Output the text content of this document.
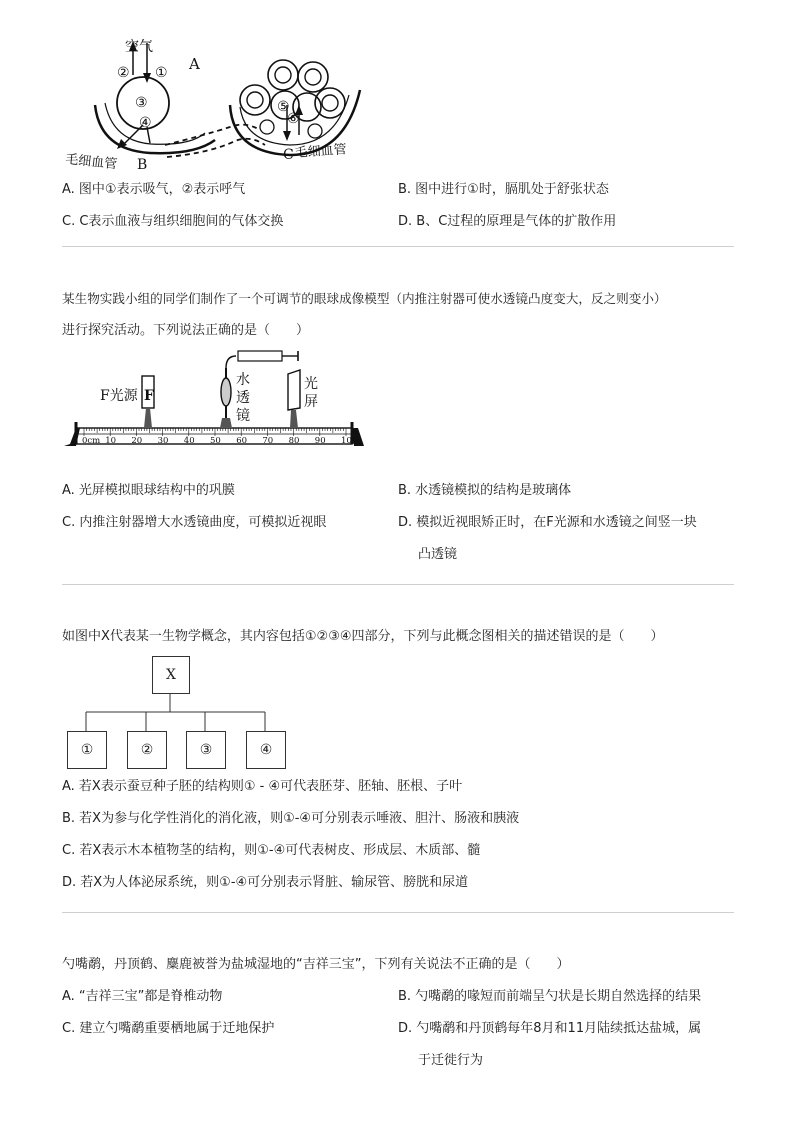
空气
② ① A
③
④
B
毛细血管
⑤
⑥
C 毛细血管
A. 图中①表示吸气，②表示呼气	B. 图中进行①时，膈肌处于舒张状态
C. C表示血液与组织细胞间的气体交换	D. B、C过程的原理是气体的扩散作用
某生物实践小组的同学们制作了一个可调节的眼球成像模型（内推注射器可使水透镜凸度变大，反之则变小）
进行探究活动。下列说法正确的是（　　）
F
F光源
水
透
镜
光
屏
0cm 10 20 30 40 50 60 70 80 90 100
A. 光屏模拟眼球结构中的巩膜	B. 水透镜模拟的结构是玻璃体
C. 内推注射器增大水透镜曲度，可模拟近视眼	D. 模拟近视眼矫正时，在F光源和水透镜之间竖一块
凸透镜
如图中X代表某一生物学概念，其内容包括①②③④四部分，下列与此概念图相关的描述错误的是（　　）
X
①	②	③	④
A. 若X表示蚕豆种子胚的结构则① - ④可代表胚芽、胚轴、胚根、子叶
B. 若X为参与化学性消化的消化液，则①-④可分别表示唾液、胆汁、肠液和胰液
C. 若X表示木本植物茎的结构，则①-④可代表树皮、形成层、木质部、髓
D. 若X为人体泌尿系统，则①-④可分别表示肾脏、输尿管、膀胱和尿道
勺嘴鹬，丹顶鹤、麋鹿被誉为盐城湿地的“吉祥三宝”，下列有关说法不正确的是（　　）
A. “吉祥三宝”都是脊椎动物	B. 勺嘴鹬的喙短而前端呈勺状是长期自然选择的结果
C. 建立勺嘴鹬重要栖地属于迁地保护	D. 勺嘴鹬和丹顶鹤每年8月和11月陆续抵达盐城，属
于迁徙行为
